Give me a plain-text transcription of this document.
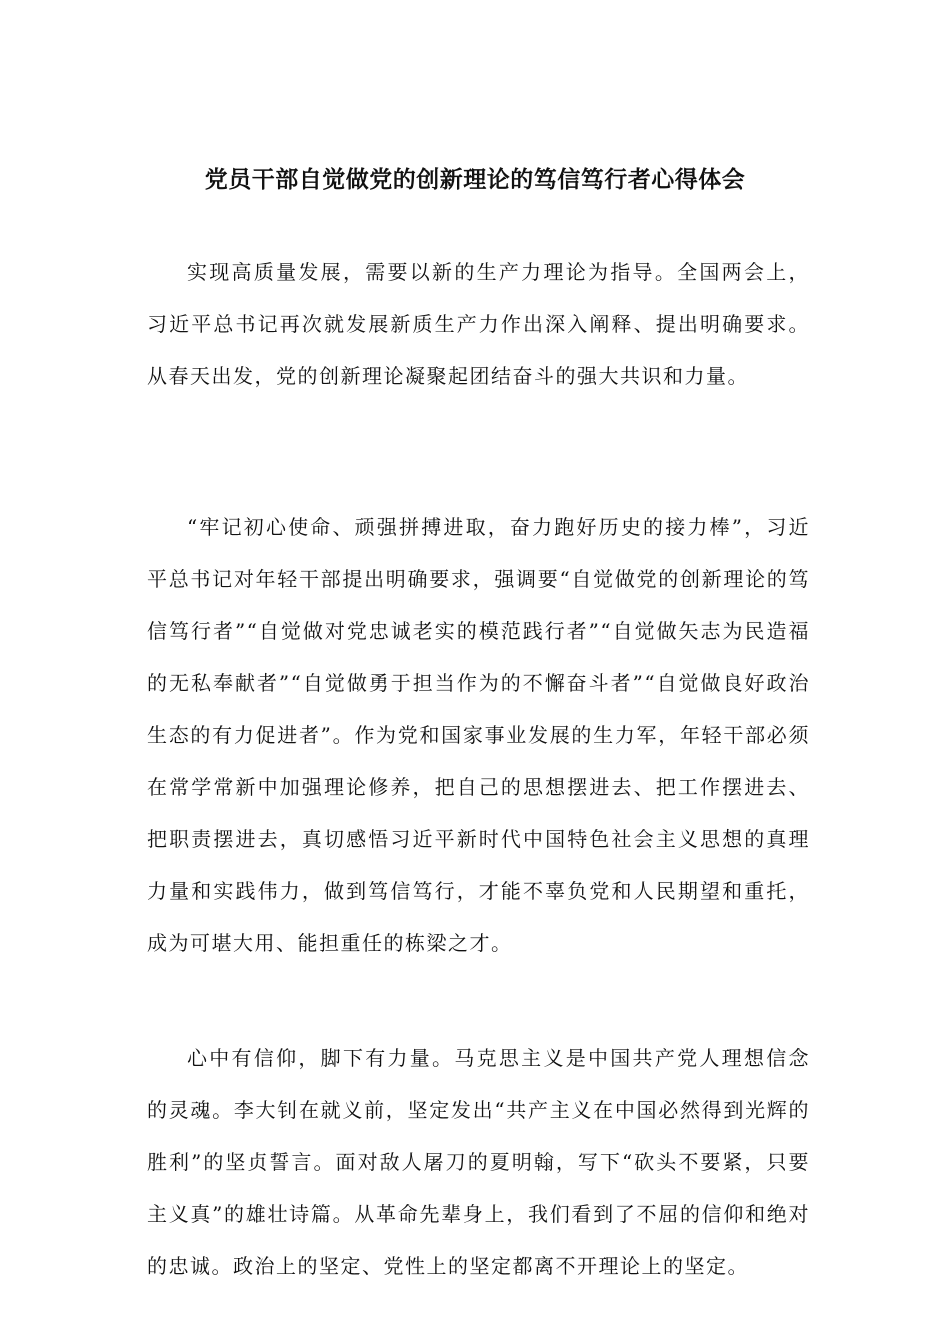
党员干部自觉做党的创新理论的笃信笃行者心得体会

实现高质量发展，需要以新的生产力理论为指导。全国两会上，习近平总书记再次就发展新质生产力作出深入阐释、提出明确要求。从春天出发，党的创新理论凝聚起团结奋斗的强大共识和力量。

“牢记初心使命、顽强拼搏进取，奋力跑好历史的接力棒”，习近平总书记对年轻干部提出明确要求，强调要“自觉做党的创新理论的笃信笃行者”“自觉做对党忠诚老实的模范践行者”“自觉做矢志为民造福的无私奉献者”“自觉做勇于担当作为的不懈奋斗者”“自觉做良好政治生态的有力促进者”。作为党和国家事业发展的生力军，年轻干部必须在常学常新中加强理论修养，把自己的思想摆进去、把工作摆进去、把职责摆进去，真切感悟习近平新时代中国特色社会主义思想的真理力量和实践伟力，做到笃信笃行，才能不辜负党和人民期望和重托，成为可堪大用、能担重任的栋梁之才。

心中有信仰，脚下有力量。马克思主义是中国共产党人理想信念的灵魂。李大钊在就义前，坚定发出“共产主义在中国必然得到光辉的胜利”的坚贞誓言。面对敌人屠刀的夏明翰，写下“砍头不要紧，只要主义真”的雄壮诗篇。从革命先辈身上，我们看到了不屈的信仰和绝对的忠诚。政治上的坚定、党性上的坚定都离不开理论上的坚定。
